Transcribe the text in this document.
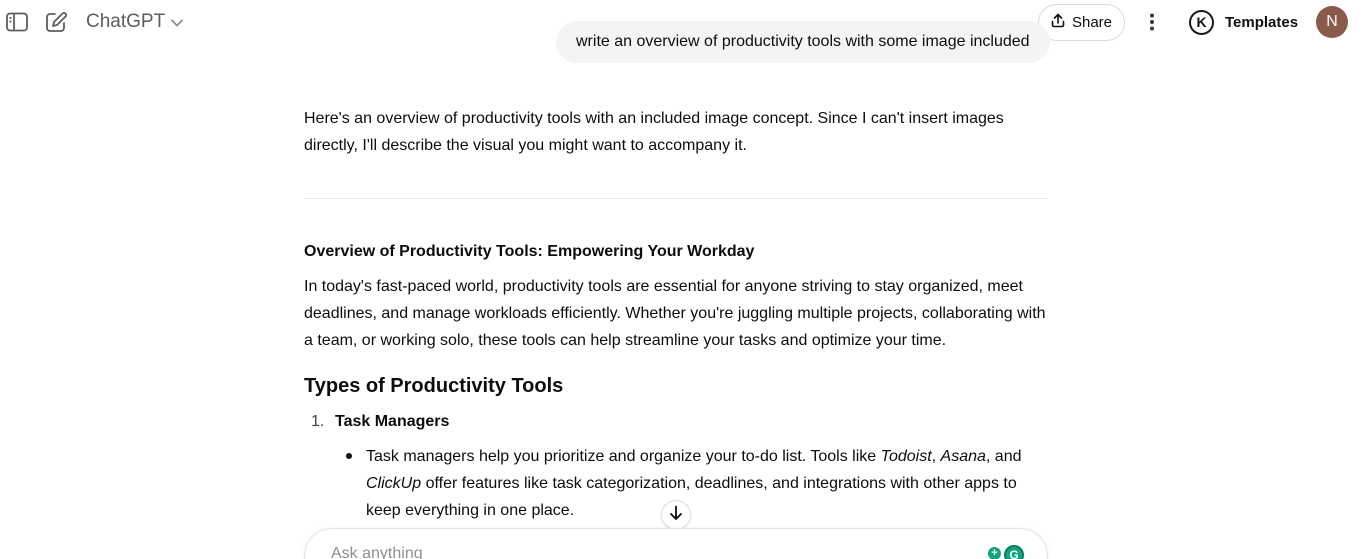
ChatGPT	Share	K	Templates	N
write an overview of productivity tools with some image included
Here's an overview of productivity tools with an included image concept. Since I can't insert images directly, I'll describe the visual you might want to accompany it.
Overview of Productivity Tools: Empowering Your Workday
In today's fast-paced world, productivity tools are essential for anyone striving to stay organized, meet deadlines, and manage workloads efficiently. Whether you're juggling multiple projects, collaborating with a team, or working solo, these tools can help streamline your tasks and optimize your time.
Types of Productivity Tools
1. Task Managers
Task managers help you prioritize and organize your to-do list. Tools like Todoist, Asana, and ClickUp offer features like task categorization, deadlines, and integrations with other apps to keep everything in one place.
Ask anything
+ G
